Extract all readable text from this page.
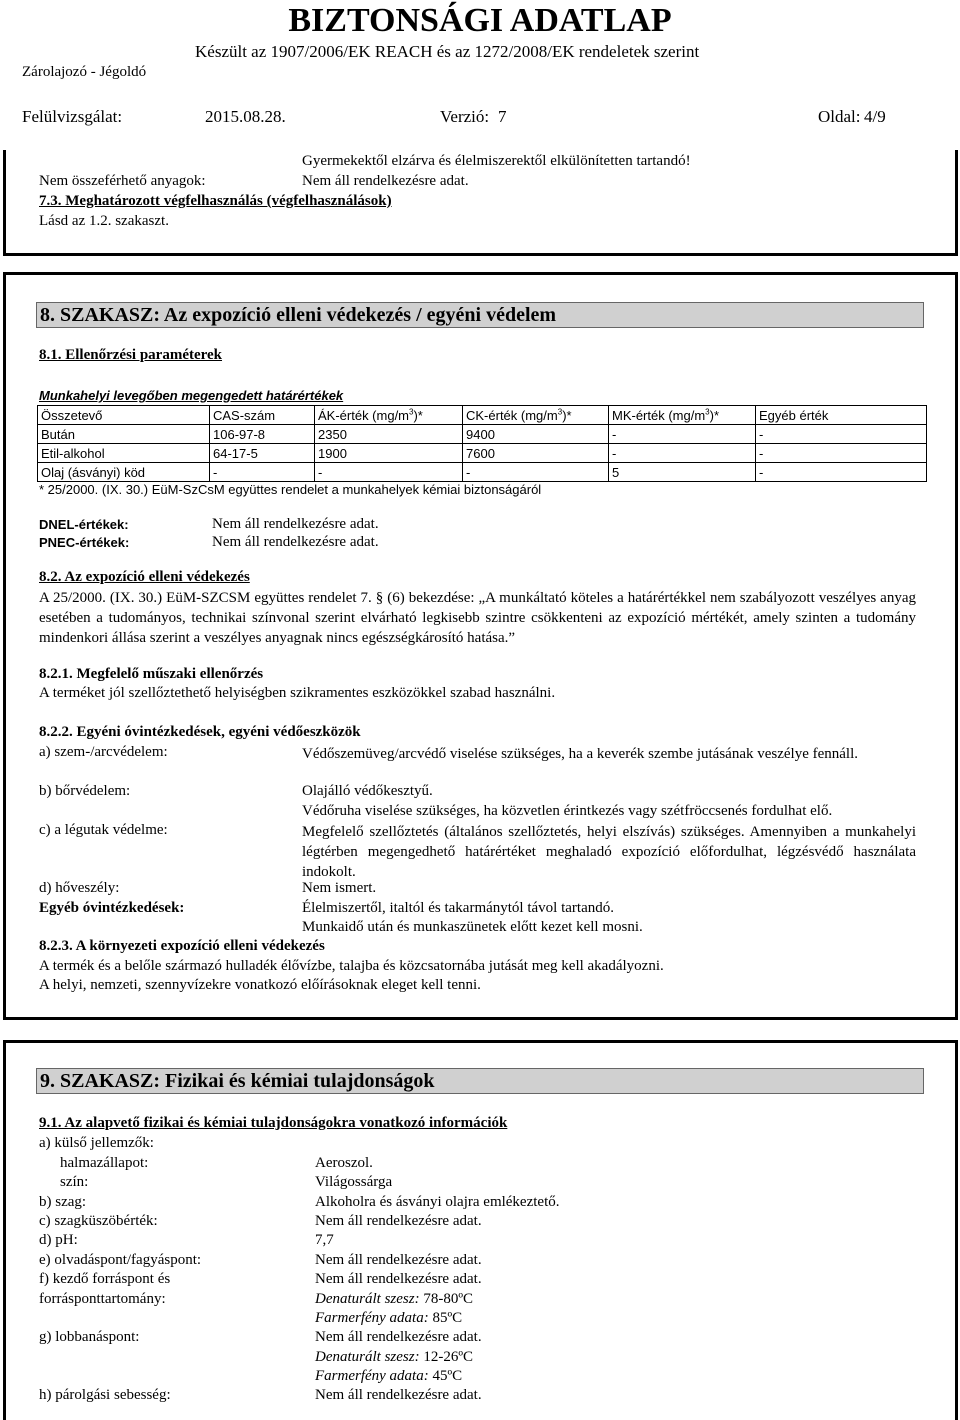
BIZTONSÁGI ADATLAP
Készült az 1907/2006/EK REACH és az 1272/2008/EK rendeletek szerint
Zárolajozó - Jégoldó
Felülvizsgálat:	2015.08.28.	Verzió: 7	Oldal: 4/9
Gyermekektől elzárva és élelmiszerektől elkülönítetten tartandó!
Nem összeférhető anyagok:	Nem áll rendelkezésre adat.
7.3. Meghatározott végfelhasználás (végfelhasználások)
Lásd az 1.2. szakaszt.
8. SZAKASZ: Az expozíció elleni védekezés / egyéni védelem
8.1. Ellenőrzési paraméterek
Munkahelyi levegőben megengedett határértékek
Összetevő	CAS-szám	ÁK-érték $(mg/m^3)*$	CK-érték $(mg/m^3)*$	MK-érték $(mg/m^3)*$	Egyéb érték
Bután	106-97-8	2350	9400	-	-
Etil-alkohol	64-17-5	1900	7600	-	-
Olaj (ásványi) köd	-	-	-	5	-
* 25/2000. (IX. 30.) EüM-SzCsM együttes rendelet a munkahelyek kémiai biztonságáról
DNEL-értékek:	Nem áll rendelkezésre adat.
PNEC-értékek:	Nem áll rendelkezésre adat.
8.2. Az expozíció elleni védekezés
A 25/2000. (IX. 30.) EüM-SZCSM együttes rendelet 7. § (6) bekezdése: „A munkáltató köteles a határértékkel nem szabályozott veszélyes anyag esetében a tudományos, technikai színvonal szerint elvárható legkisebb szintre csökkenteni az expozíció mértékét, amely szinten a tudomány mindenkori állása szerint a veszélyes anyagnak nincs egészségkárosító hatása.”
8.2.1. Megfelelő műszaki ellenőrzés
A terméket jól szellőztethető helyiségben szikramentes eszközökkel szabad használni.
8.2.2. Egyéni óvintézkedések, egyéni védőeszközök
a) szem-/arcvédelem:	Védőszemüveg/arcvédő viselése szükséges, ha a keverék szembe jutásának veszélye fennáll.
b) bőrvédelem:	Olajálló védőkesztyű.
Védőruha viselése szükséges, ha közvetlen érintkezés vagy szétfröccsenés fordulhat elő.
c) a légutak védelme:	Megfelelő szellőztetés (általános szellőztetés, helyi elszívás) szükséges. Amennyiben a munkahelyi légtérben megengedhető határértéket meghaladó expozíció előfordulhat, légzésvédő használata indokolt.
d) hőveszély:	Nem ismert.
Egyéb óvintézkedések:	Élelmiszertől, italtól és takarmánytól távol tartandó.
Munkaidő után és munkaszünetek előtt kezet kell mosni.
8.2.3. A környezeti expozíció elleni védekezés
A termék és a belőle származó hulladék élővízbe, talajba és közcsatornába jutását meg kell akadályozni.
A helyi, nemzeti, szennyvízekre vonatkozó előírásoknak eleget kell tenni.
9. SZAKASZ: Fizikai és kémiai tulajdonságok
9.1. Az alapvető fizikai és kémiai tulajdonságokra vonatkozó információk
a) külső jellemzők:
halmazállapot:	Aeroszol.
szín:	Világossárga
b) szag:	Alkoholra és ásványi olajra emlékeztető.
c) szagküszöbérték:	Nem áll rendelkezésre adat.
d) pH:	7,7
e) olvadáspont/fagyáspont:	Nem áll rendelkezésre adat.
f) kezdő forráspont és	Nem áll rendelkezésre adat.
forrásponttartomány:	Denaturált szesz: 78-80ºC
Farmerfény adata: 85ºC
g) lobbanáspont:	Nem áll rendelkezésre adat.
Denaturált szesz: 12-26ºC
Farmerfény adata: 45ºC
h) párolgási sebesség:	Nem áll rendelkezésre adat.
